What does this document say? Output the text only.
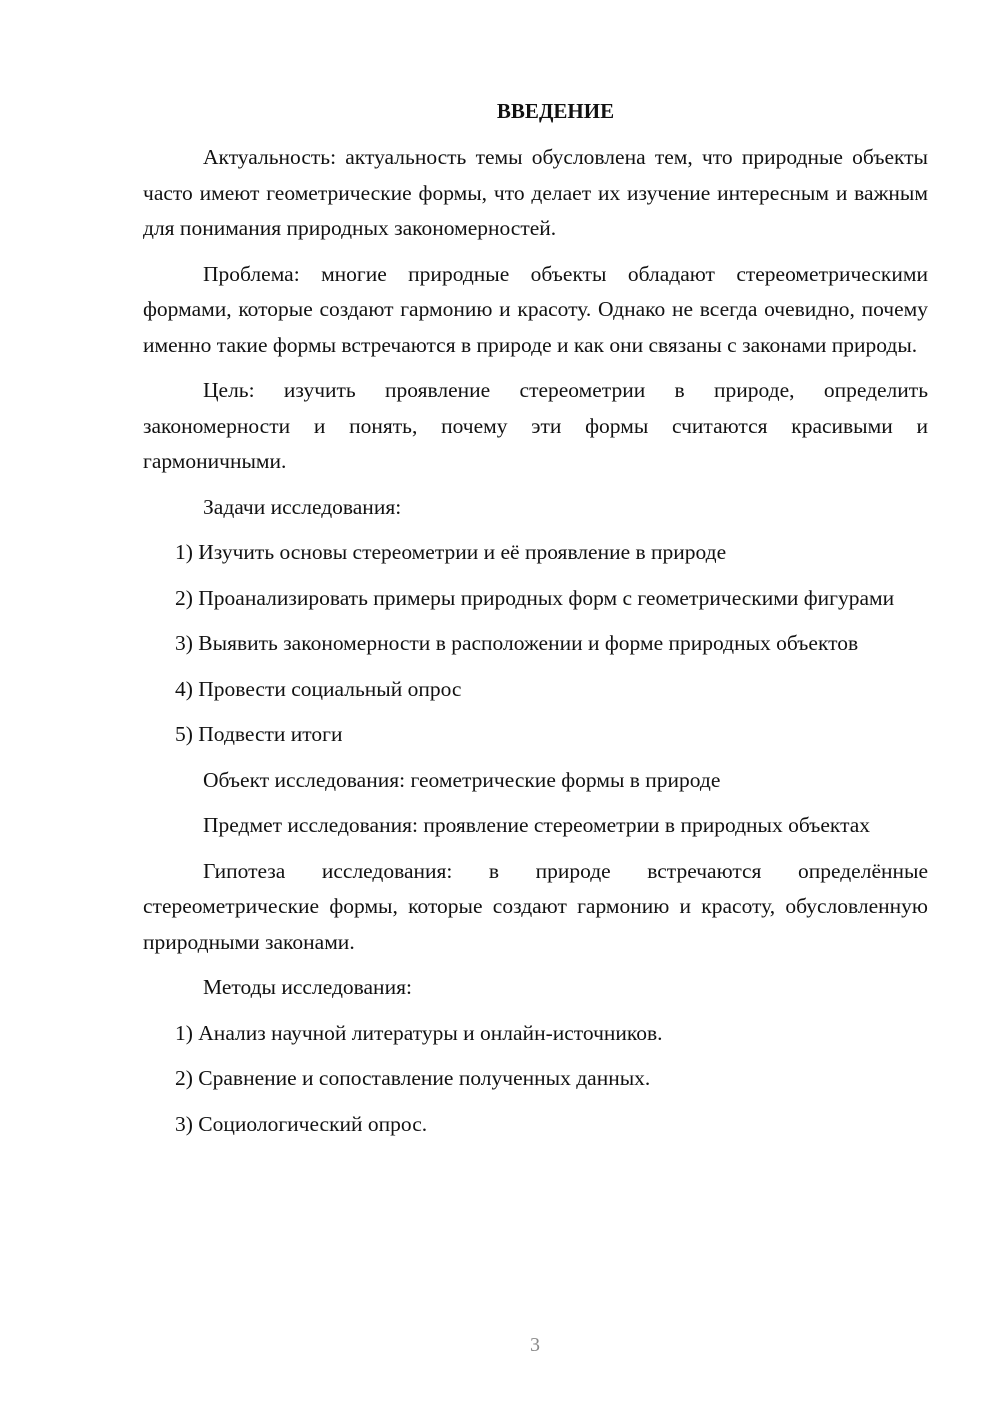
ВВЕДЕНИЕ

Актуальность: актуальность темы обусловлена тем, что природные объекты часто имеют геометрические формы, что делает их изучение интересным и важным для понимания природных закономерностей.

Проблема: многие природные объекты обладают стереометрическими формами, которые создают гармонию и красоту. Однако не всегда очевидно, почему именно такие формы встречаются в природе и как они связаны с законами природы.

Цель: изучить проявление стереометрии в природе, определить закономерности и понять, почему эти формы считаются красивыми и гармоничными.

Задачи исследования:

1) Изучить основы стереометрии и её проявление в природе

2) Проанализировать примеры природных форм с геометрическими фигурами

3) Выявить закономерности в расположении и форме природных объектов

4) Провести социальный опрос

5) Подвести итоги

Объект исследования: геометрические формы в природе

Предмет исследования: проявление стереометрии в природных объектах

Гипотеза исследования: в природе встречаются определённые стереометрические формы, которые создают гармонию и красоту, обусловленную природными законами.

Методы исследования:

1) Анализ научной литературы и онлайн-источников.

2) Сравнение и сопоставление полученных данных.

3) Социологический опрос.

3
